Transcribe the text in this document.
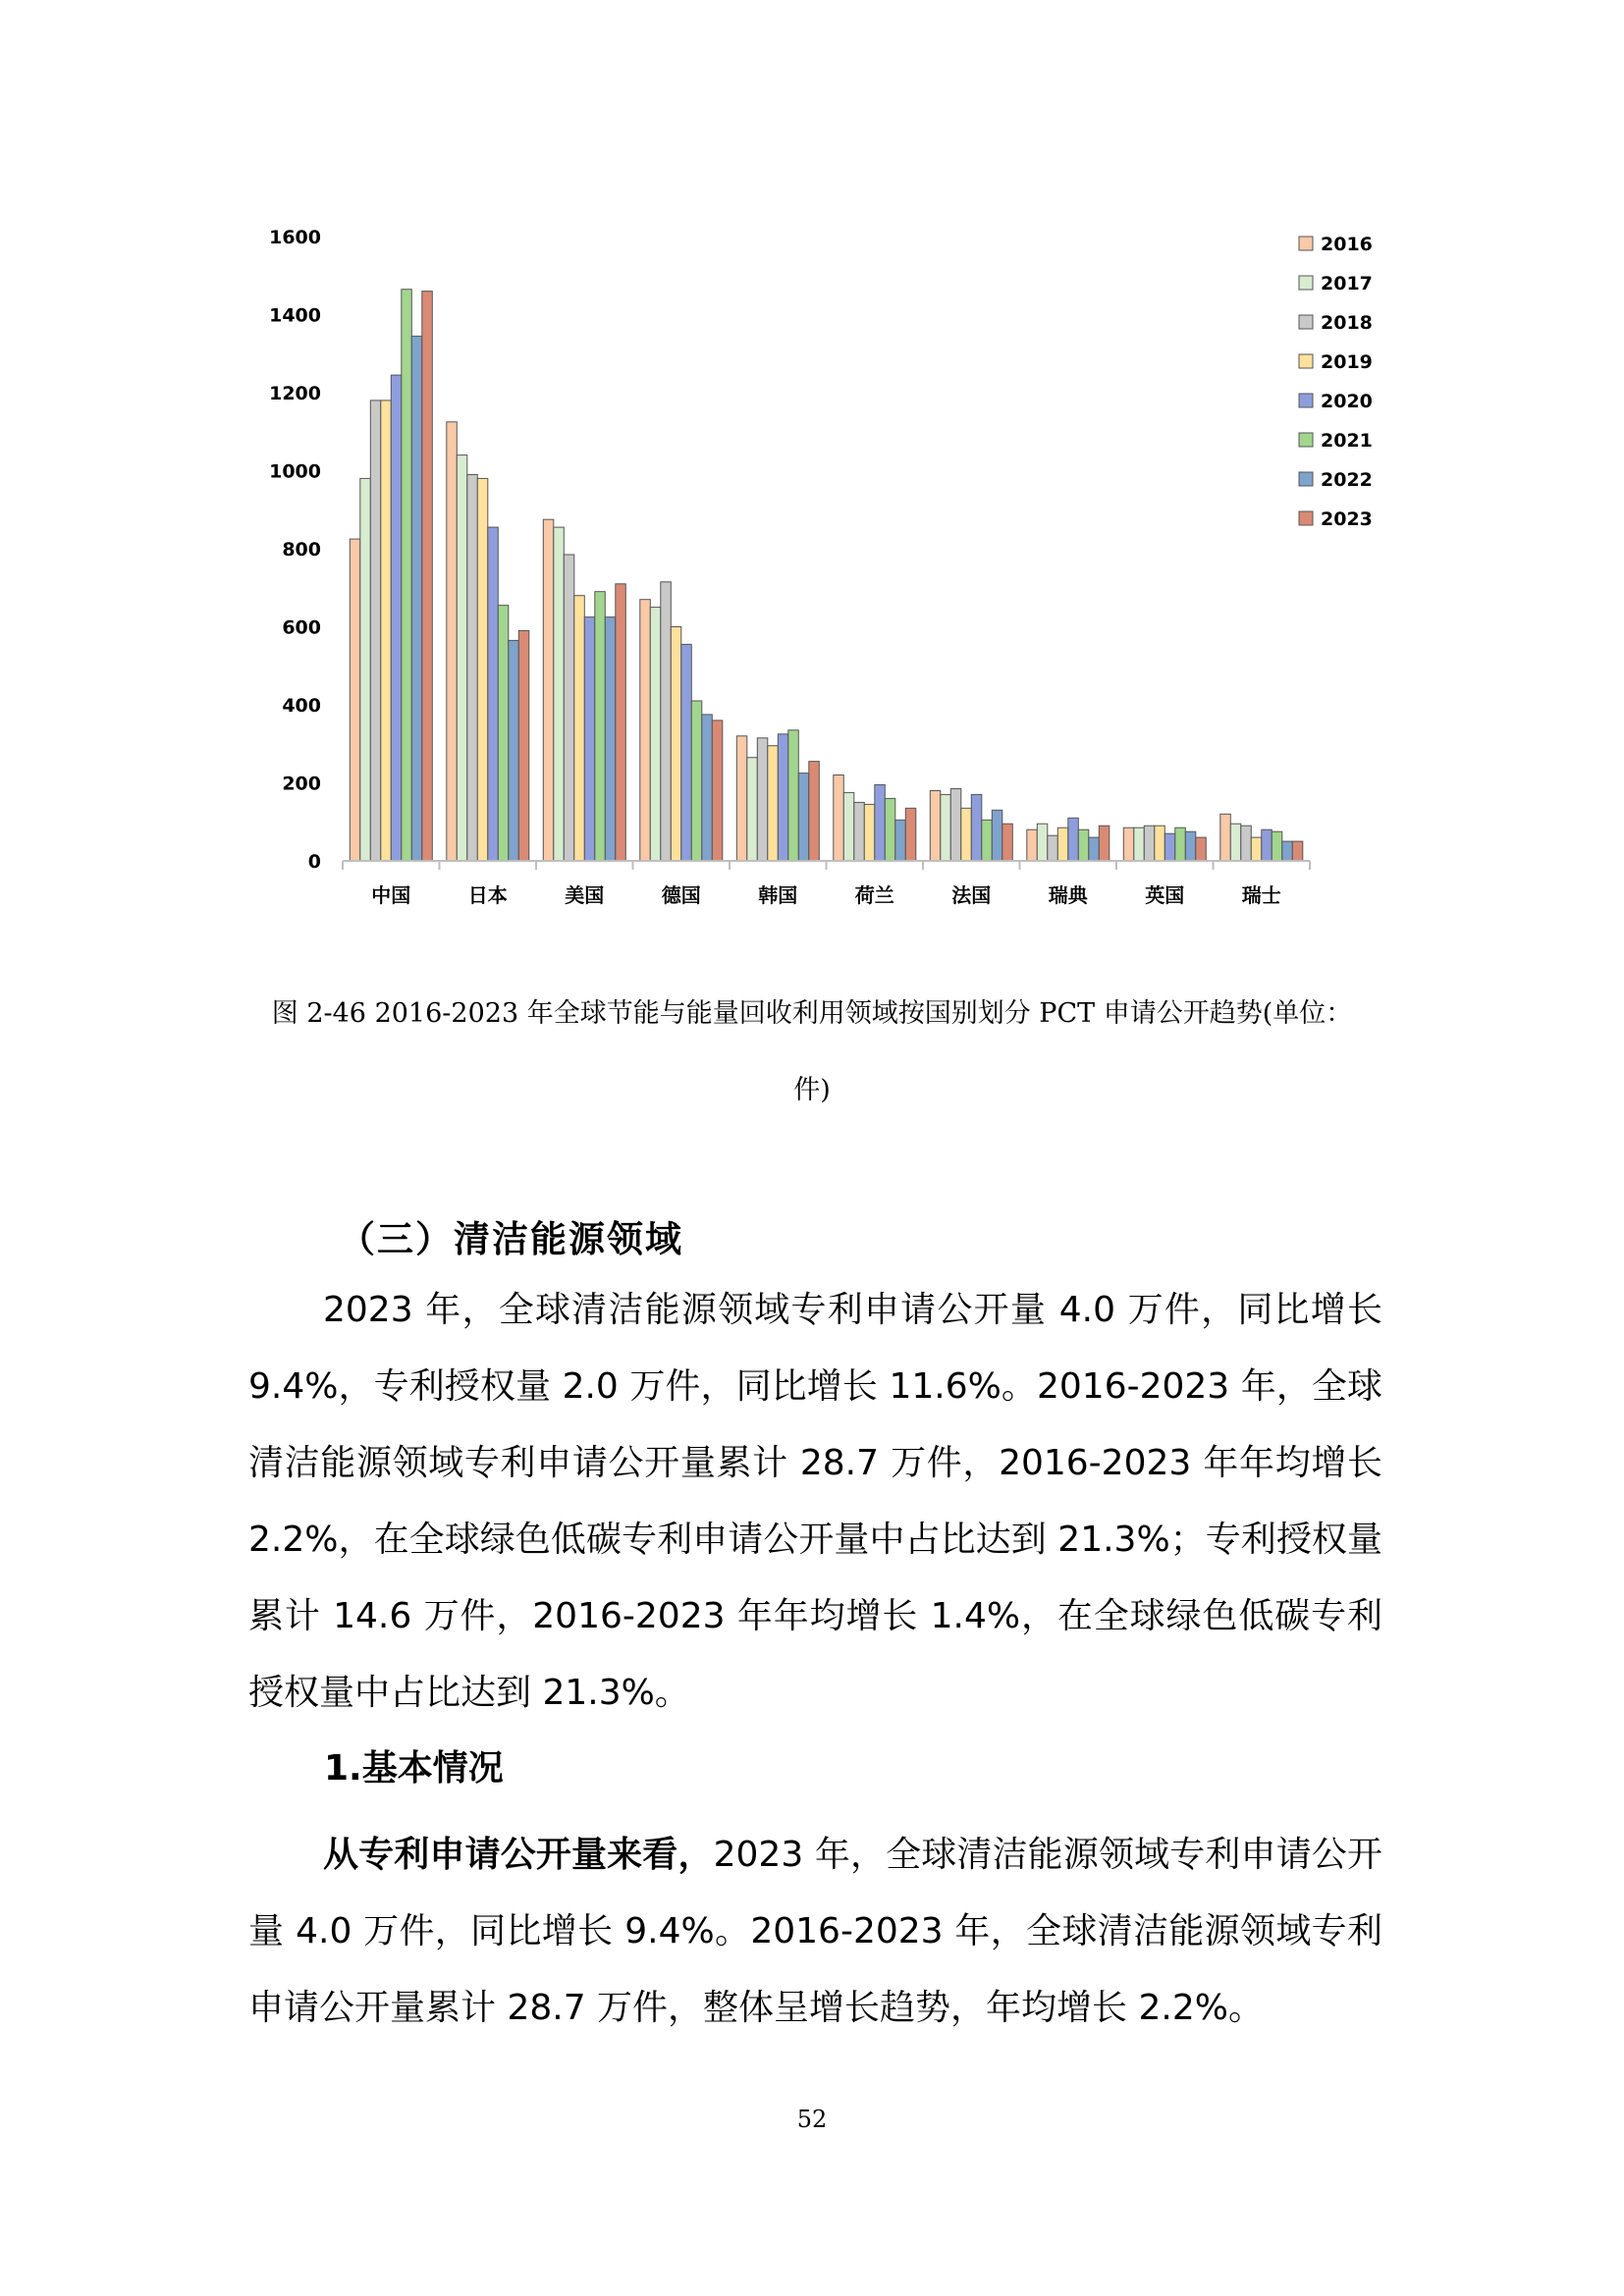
0
200
400
600
800
1000
1200
1400
1600
中国	日本	美国	德国	韩国	荷兰	法国	瑞典	英国	瑞士
2016
2017
2018
2019
2020
2021
2022
2023
图 2-46 2016-2023 年全球节能与能量回收利用领域按国别划分 PCT 申请公开趋势(单位：
件)
（三）清洁能源领域
2023 年，全球清洁能源领域专利申请公开量 4.0 万件，同比增长 9.4%，专利授权量 2.0 万件，同比增长 11.6%。2016-2023 年，全球清洁能源领域专利申请公开量累计 28.7 万件，2016-2023 年年均增长 2.2%，在全球绿色低碳专利申请公开量中占比达到 21.3%；专利授权量累计 14.6 万件，2016-2023 年年均增长 1.4%，在全球绿色低碳专利授权量中占比达到 21.3%。
1.基本情况
从专利申请公开量来看，2023 年，全球清洁能源领域专利申请公开量 4.0 万件，同比增长 9.4%。2016-2023 年，全球清洁能源领域专利申请公开量累计 28.7 万件，整体呈增长趋势，年均增长 2.2%。
52
